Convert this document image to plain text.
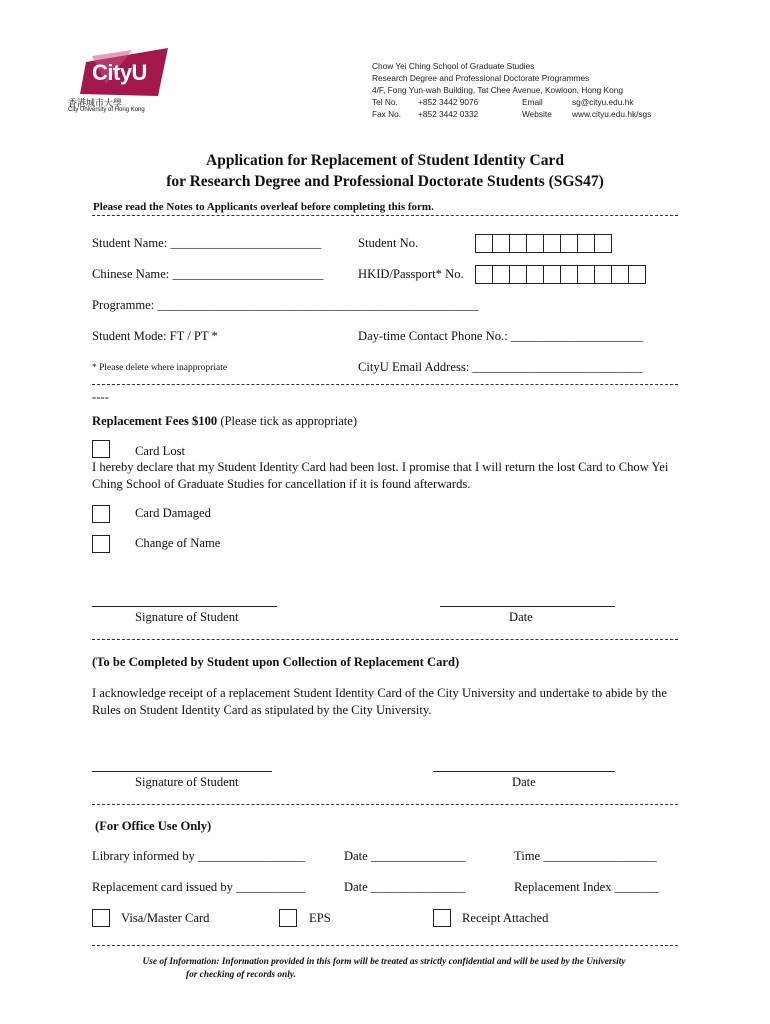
CityU
香港城市大學
City University of Hong Kong
Chow Yei Ching School of Graduate Studies
Research Degree and Professional Doctorate Programmes
4/F, Fong Yun-wah Building, Tat Chee Avenue, Kowloon, Hong Kong
Tel No. +852 3442 9076	Email	sg@cityu.edu.hk
Fax No. +852 3442 0332	Website www.cityu.edu.hk/sgs
Application for Replacement of Student Identity Card
for Research Degree and Professional Doctorate Students (SGS47)
Please read the Notes to Applicants overleaf before completing this form.
Student Name: ________________________	Student No.
Chinese Name: ________________________	HKID/Passport* No.
Programme: ___________________________________________________
Student Mode: FT / PT *	Day-time Contact Phone No.: _____________________
* Please delete where inappropriate	CityU Email Address: ___________________________
----
Replacement Fees $100 (Please tick as appropriate)
Card Lost
I hereby declare that my Student Identity Card had been lost. I promise that I will return the lost Card to Chow Yei Ching School of Graduate Studies for cancellation if it is found afterwards.
Card Damaged
Change of Name
Signature of Student	Date
(To be Completed by Student upon Collection of Replacement Card)
I acknowledge receipt of a replacement Student Identity Card of the City University and undertake to abide by the Rules on Student Identity Card as stipulated by the City University.
Signature of Student	Date
(For Office Use Only)
Library informed by _________________	Date _______________	Time __________________
Replacement card issued by ___________	Date _______________	Replacement Index _______
Visa/Master Card	EPS	Receipt Attached
Use of Information: Information provided in this form will be treated as strictly confidential and will be used by the University
for checking of records only.
